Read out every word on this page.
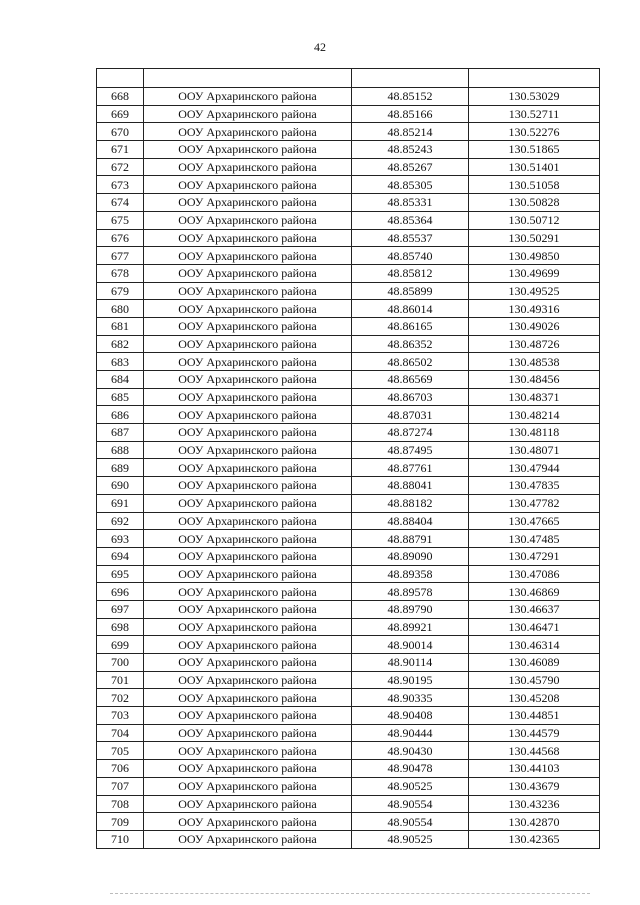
42

668	ООУ Архаринского района	48.85152	130.53029
669	ООУ Архаринского района	48.85166	130.52711
670	ООУ Архаринского района	48.85214	130.52276
671	ООУ Архаринского района	48.85243	130.51865
672	ООУ Архаринского района	48.85267	130.51401
673	ООУ Архаринского района	48.85305	130.51058
674	ООУ Архаринского района	48.85331	130.50828
675	ООУ Архаринского района	48.85364	130.50712
676	ООУ Архаринского района	48.85537	130.50291
677	ООУ Архаринского района	48.85740	130.49850
678	ООУ Архаринского района	48.85812	130.49699
679	ООУ Архаринского района	48.85899	130.49525
680	ООУ Архаринского района	48.86014	130.49316
681	ООУ Архаринского района	48.86165	130.49026
682	ООУ Архаринского района	48.86352	130.48726
683	ООУ Архаринского района	48.86502	130.48538
684	ООУ Архаринского района	48.86569	130.48456
685	ООУ Архаринского района	48.86703	130.48371
686	ООУ Архаринского района	48.87031	130.48214
687	ООУ Архаринского района	48.87274	130.48118
688	ООУ Архаринского района	48.87495	130.48071
689	ООУ Архаринского района	48.87761	130.47944
690	ООУ Архаринского района	48.88041	130.47835
691	ООУ Архаринского района	48.88182	130.47782
692	ООУ Архаринского района	48.88404	130.47665
693	ООУ Архаринского района	48.88791	130.47485
694	ООУ Архаринского района	48.89090	130.47291
695	ООУ Архаринского района	48.89358	130.47086
696	ООУ Архаринского района	48.89578	130.46869
697	ООУ Архаринского района	48.89790	130.46637
698	ООУ Архаринского района	48.89921	130.46471
699	ООУ Архаринского района	48.90014	130.46314
700	ООУ Архаринского района	48.90114	130.46089
701	ООУ Архаринского района	48.90195	130.45790
702	ООУ Архаринского района	48.90335	130.45208
703	ООУ Архаринского района	48.90408	130.44851
704	ООУ Архаринского района	48.90444	130.44579
705	ООУ Архаринского района	48.90430	130.44568
706	ООУ Архаринского района	48.90478	130.44103
707	ООУ Архаринского района	48.90525	130.43679
708	ООУ Архаринского района	48.90554	130.43236
709	ООУ Архаринского района	48.90554	130.42870
710	ООУ Архаринского района	48.90525	130.42365
